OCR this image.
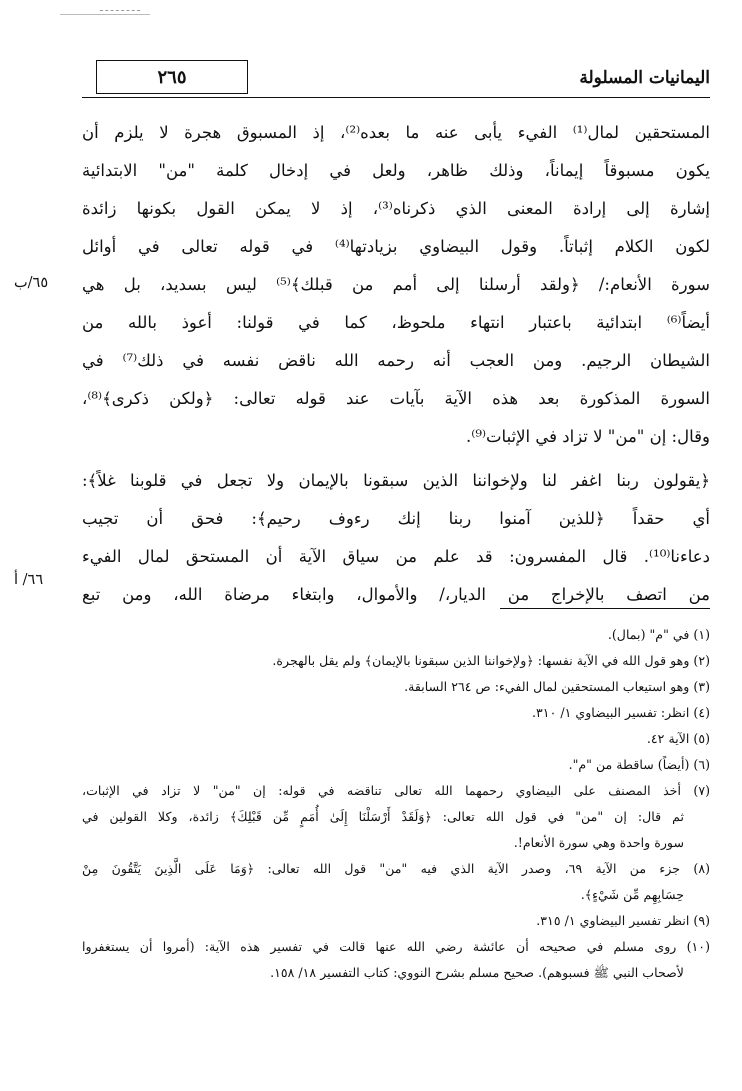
٢٦٥	اليمانيات المسلولة
المستحقين لمال⁽¹⁾ الفيء يأبى عنه ما بعده⁽²⁾، إذ المسبوق هجرة لا يلزم أن
يكون مسبوقاً إيماناً، وذلك ظاهر، ولعل في إدخال كلمة "من" الابتدائية
إشارة إلى إرادة المعنى الذي ذكرناه⁽³⁾، إذ لا يمكن القول بكونها زائدة
لكون الكلام إثباتاً. وقول البيضاوي بزيادتها⁽⁴⁾ في قوله تعالى في أوائل
سورة الأنعام:/ ﴿ولقد أرسلنا إلى أمم من قبلك﴾⁽⁵⁾ ليس بسديد، بل هي
أيضاً⁽⁶⁾ ابتدائية باعتبار انتهاء ملحوظ، كما في قولنا: أعوذ بالله من
الشيطان الرجيم. ومن العجب أنه رحمه الله ناقض نفسه في ذلك⁽⁷⁾ في
السورة المذكورة بعد هذه الآية بآيات عند قوله تعالى: ﴿ولكن ذكرى﴾⁽⁸⁾،
وقال: إن "من" لا تزاد في الإثبات⁽⁹⁾.
﴿يقولون ربنا اغفر لنا ولإخواننا الذين سبقونا بالإيمان ولا تجعل في قلوبنا غلاً﴾:
أي حقداً ﴿للذين آمنوا ربنا إنك رءوف رحيم﴾: فحق أن تجيب
دعاءنا⁽¹⁰⁾. قال المفسرون: قد علم من سياق الآية أن المستحق لمال الفيء
من اتصف بالإخراج من الديار،/ والأموال، وابتغاء مرضاة الله، ومن تبع
٦٥/ب
٦٦/ أ
(١) في "م" (بمال).
(٢) وهو قول الله في الآية نفسها: ﴿ولإخواننا الذين سبقونا بالإيمان﴾ ولم يقل بالهجرة.
(٣) وهو استيعاب المستحقين لمال الفيء: ص ٢٦٤ السابقة.
(٤) انظر: تفسير البيضاوي ١/ ٣١٠.
(٥) الآية ٤٢.
(٦) (أيضاً) ساقطة من "م".
(٧) أخذ المصنف على البيضاوي رحمهما الله تعالى تناقضه في قوله: إن "من" لا تزاد في الإثبات،
ثم قال: إن "من" في قول الله تعالى: ﴿وَلَقَدْ أَرْسَلْنَا إِلَىٰ أُمَمٍ مِّن قَبْلِكَ﴾ زائدة، وكلا القولين في
سورة واحدة وهي سورة الأنعام!.
(٨) جزء من الآية ٦٩، وصدر الآية الذي فيه "من" قول الله تعالى: ﴿وَمَا عَلَى الَّذِينَ يَتَّقُونَ مِنْ
حِسَابِهِم مِّن شَيْءٍ﴾.
(٩) انظر تفسير البيضاوي ١/ ٣١٥.
(١٠) روى مسلم في صحيحه أن عائشة رضي الله عنها قالت في تفسير هذه الآية: (أمروا أن يستغفروا
لأصحاب النبي ﷺ فسبوهم). صحيح مسلم بشرح النووي: كتاب التفسير ١٨/ ١٥٨.
